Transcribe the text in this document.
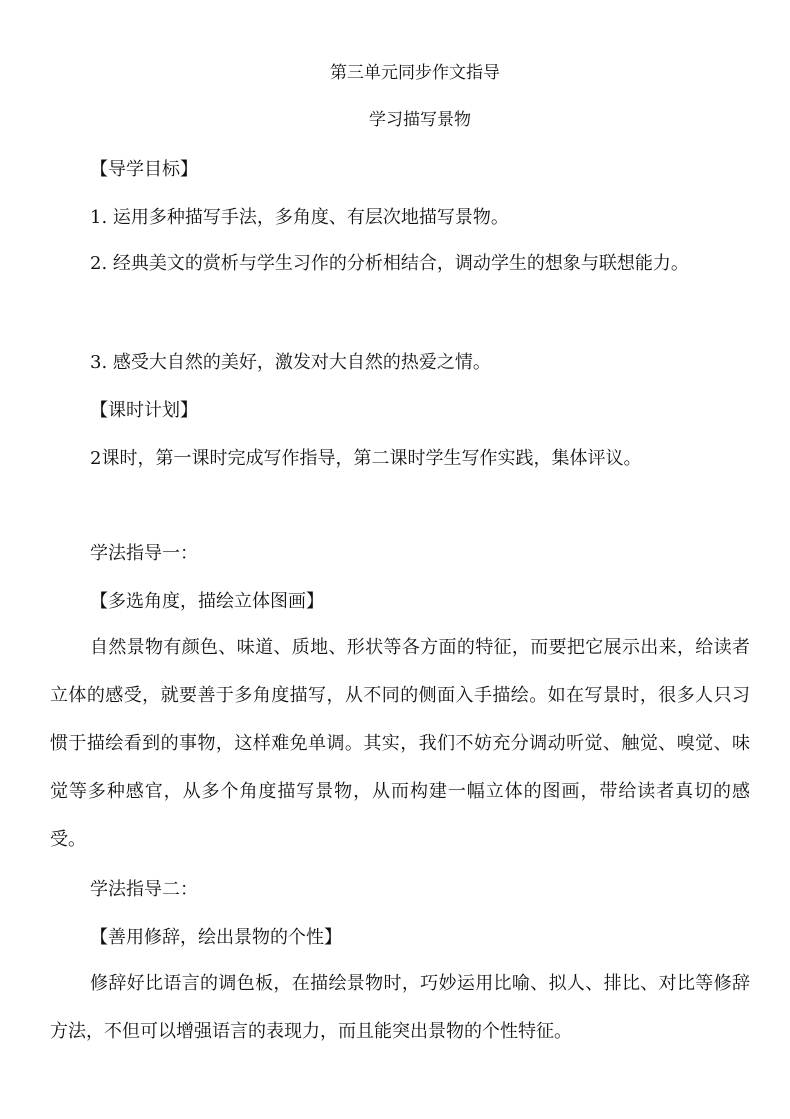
第三单元同步作文指导
学习描写景物
【导学目标】
1. 运用多种描写手法，多角度、有层次地描写景物。
2. 经典美文的赏析与学生习作的分析相结合，调动学生的想象与联想能力。
3. 感受大自然的美好，激发对大自然的热爱之情。
【课时计划】
2课时，第一课时完成写作指导，第二课时学生写作实践，集体评议。
学法指导一：
【多选角度，描绘立体图画】
自然景物有颜色、味道、质地、形状等各方面的特征，而要把它展示出来，给读者立体的感受，就要善于多角度描写，从不同的侧面入手描绘。如在写景时，很多人只习惯于描绘看到的事物，这样难免单调。其实，我们不妨充分调动听觉、触觉、嗅觉、味觉等多种感官，从多个角度描写景物，从而构建一幅立体的图画，带给读者真切的感受。
学法指导二：
【善用修辞，绘出景物的个性】
修辞好比语言的调色板，在描绘景物时，巧妙运用比喻、拟人、排比、对比等修辞方法，不但可以增强语言的表现力，而且能突出景物的个性特征。
